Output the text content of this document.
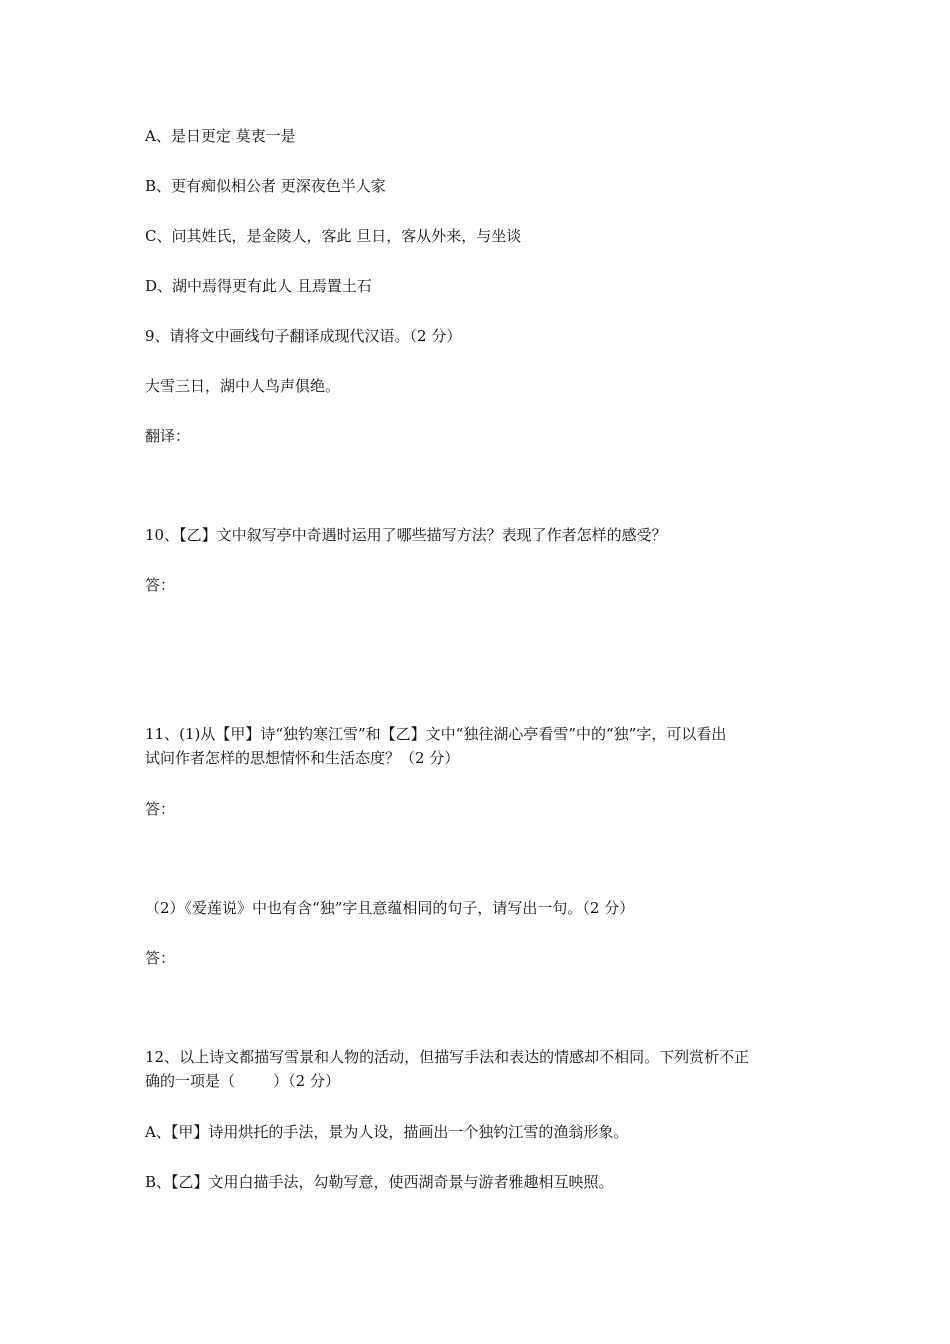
A、是日更定 莫衷一是
B、更有痴似相公者 更深夜色半人家
C、问其姓氏，是金陵人，客此 旦日，客从外来，与坐谈
D、湖中焉得更有此人 且焉置土石
9、请将文中画线句子翻译成现代汉语。（2 分）
大雪三日，湖中人鸟声俱绝。
翻译：
10、【乙】文中叙写亭中奇遇时运用了哪些描写方法？表现了作者怎样的感受？
答：
11、(1)从【甲】诗“独钓寒江雪”和【乙】文中“独往湖心亭看雪”中的“独”字，可以看出
试问作者怎样的思想情怀和生活态度？（2 分）
答：
（2）《爱莲说》中也有含“独”字且意蕴相同的句子，请写出一句。（2 分）
答：
12、以上诗文都描写雪景和人物的活动，但描写手法和表达的情感却不相同。下列赏析不正
确的一项是（        ）（2 分）
A、【甲】诗用烘托的手法，景为人设，描画出一个独钓江雪的渔翁形象。
B、【乙】文用白描手法，勾勒写意，使西湖奇景与游者雅趣相互映照。
